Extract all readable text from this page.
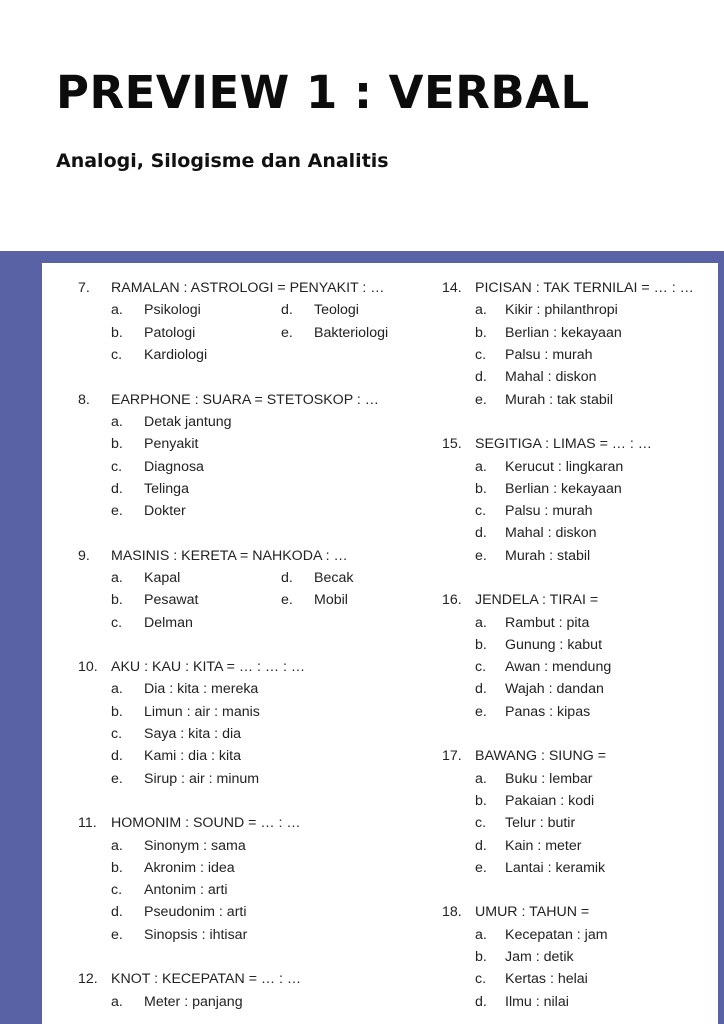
PREVIEW 1 : VERBAL

Analogi, Silogisme dan Analitis

7.	RAMALAN : ASTROLOGI = PENYAKIT : …
a.	Psikologi	d.	Teologi
b.	Patologi	e.	Bakteriologi
c.	Kardiologi
8.	EARPHONE : SUARA = STETOSKOP : …
a.	Detak jantung
b.	Penyakit
c.	Diagnosa
d.	Telinga
e.	Dokter
9.	MASINIS : KERETA = NAHKODA : …
a.	Kapal	d.	Becak
b.	Pesawat	e.	Mobil
c.	Delman
10. AKU : KAU : KITA = … : … : …
a.	Dia : kita : mereka
b.	Limun : air : manis
c.	Saya : kita : dia
d.	Kami : dia : kita
e.	Sirup : air : minum
11.	HOMONIM : SOUND = … : …
a.	Sinonym : sama
b.	Akronim : idea
c.	Antonim : arti
d.	Pseudonim : arti
e.	Sinopsis : ihtisar
12. KNOT : KECEPATAN = … : …
a.	Meter : panjang
14. PICISAN : TAK TERNILAI = … : …
a.	Kikir : philanthropi
b.	Berlian : kekayaan
c.	Palsu : murah
d.	Mahal : diskon
e.	Murah : tak stabil
15. SEGITIGA : LIMAS = … : …
a.	Kerucut : lingkaran
b.	Berlian : kekayaan
c.	Palsu : murah
d.	Mahal : diskon
e.	Murah : stabil
16. JENDELA : TIRAI =
a.	Rambut : pita
b.	Gunung : kabut
c.	Awan : mendung
d.	Wajah : dandan
e.	Panas : kipas
17. BAWANG : SIUNG =
a.	Buku : lembar
b.	Pakaian : kodi
c.	Telur : butir
d.	Kain : meter
e.	Lantai : keramik
18. UMUR : TAHUN =
a.	Kecepatan : jam
b.	Jam : detik
c.	Kertas : helai
d.	Ilmu : nilai
